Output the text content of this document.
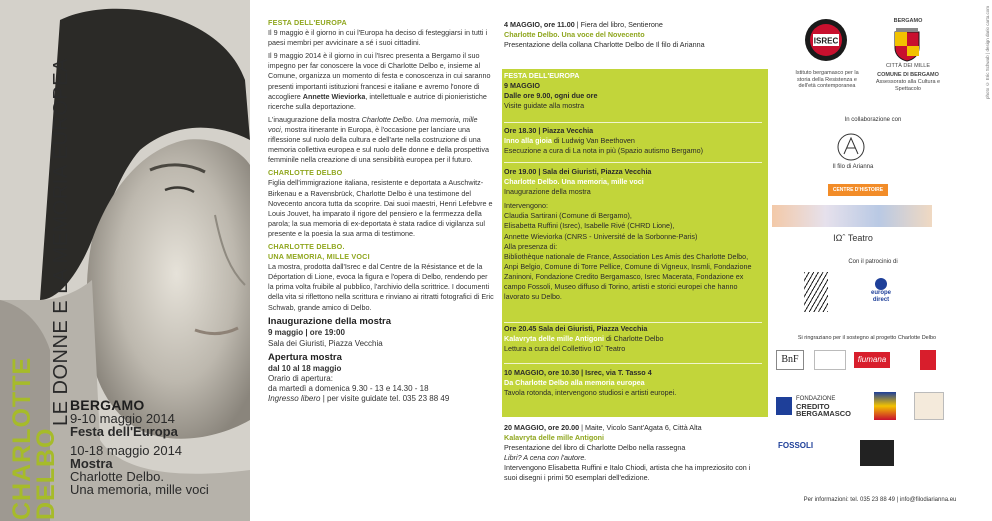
CHARLOTTE
DELBO
LE DONNE E LA MEMORIA EUROPEA
BERGAMO
9-10 maggio 2014
Festa dell'Europa
10-18 maggio 2014
Mostra
Charlotte Delbo.
Una memoria, mille voci
FESTA DELL'EUROPA

Il 9 maggio è il giorno in cui l'Europa ha deciso di festeggiarsi in tutti i paesi membri per avvicinare a sé i suoi cittadini.

Il 9 maggio 2014 è il giorno in cui l'Isrec presenta a Bergamo il suo impegno per far conoscere la voce di Charlotte Delbo e, insieme al Comune, organizza un momento di festa e conoscenza in cui saranno presenti importanti istituzioni francesi e italiane e avremo l'onore di accogliere Annette Wieviorka, intellettuale e autrice di pionieristiche ricerche sulla deportazione.

L'inaugurazione della mostra Charlotte Delbo. Una memoria, mille voci, mostra itinerante in Europa, è l'occasione per lanciare una riflessione sul ruolo della cultura e dell'arte nella costruzione di una memoria collettiva europea e sul ruolo delle donne e della prospettiva femminile nella creazione di una sensibilità europea per il futuro.

CHARLOTTE DELBO

Figlia dell'immigrazione italiana, resistente e deportata a Auschwitz-Birkenau e a Ravensbrück, Charlotte Delbo è una testimone del Novecento ancora tutta da scoprire. Dai suoi maestri, Henri Lefebvre e Louis Jouvet, ha imparato il rigore del pensiero e la ferrmezza della parola; la sua memoria di ex-deportata è stata radice di vigilanza sul presente e la poesia la sua arma di testimone.

CHARLOTTE DELBO.
UNA MEMORIA, MILLE VOCI

La mostra, prodotta dall'Isrec e dal Centre de la Résistance et de la Déportation di Lione, evoca la figura e l'opera di Delbo, rendendo per la prima volta fruibile al pubblico, l'archivio della scrittrice. I documenti della vita si riflettono nella scrittura e rinviano ai ritratti fotografici di Eric Schwab, grande amico di Delbo.

Inaugurazione della mostra
9 maggio | ore 19:00
Sala dei Giuristi, Piazza Vecchia
Apertura mostra
dal 10 al 18 maggio
Orario di apertura:
da martedì a domenica 9.30 - 13 e 14.30 - 18
Ingresso libero | per visite guidate tel. 035 23 88 49
4 MAGGIO, ore 11.00 | Fiera del libro, Sentierone
Charlotte Delbo. Una voce del Novecento
Presentazione della collana Charlotte Delbo de Il filo di Arianna
FESTA DELL'EUROPA
9 MAGGIO
Dalle ore 9.00, ogni due ore
Visite guidate alla mostra
Ore 18.30 | Piazza Vecchia
Inno alla gioia di Ludwig Van Beethoven
Esecuzione a cura di La nota in più (Spazio autismo Bergamo)
Ore 19.00 | Sala dei Giuristi, Piazza Vecchia
Charlotte Delbo. Una memoria, mille voci
Inaugurazione della mostra
Intervengono:
Claudia Sartirani (Comune di Bergamo),
Elisabetta Ruffini (Isrec), Isabelle Rivé (CHRD Lione),
Annette Wieviorka (CNRS - Université de la Sorbonne-Paris)
Alla presenza di:
Bibliothèque nationale de France, Association Les Amis des Charlotte Delbo, Anpi Belgio, Comune di Torre Pellice, Comune di Vigneux, Insmli, Fondazione Zaninoni, Fondazione Credito Bergamasco, Isrec Macerata, Fondazione ex campo Fossoli, Museo diffuso di Torino, artisti e storici europei che hanno lavorato su Delbo.
Ore 20.45 Sala dei Giuristi, Piazza Vecchia
Kalavryta delle mille Antigoni di Charlotte Delbo
Lettura a cura del Collettivo IΩˆ Teatro
10 MAGGIO, ore 10.30 | Isrec, via T. Tasso 4
Da Charlotte Delbo alla memoria europea
Tavola rotonda, intervengono studiosi e artisti europei.
20 MAGGIO, ore 20.00 | Maite, Vicolo Sant'Agata 6, Città Alta
Kalavryta delle mille Antigoni
Presentazione del libro di Charlotte Delbo nella rassegna
Libri? A cena con l'autore.
Intervengono Elisabetta Ruffini e Italo Chiodi, artista che ha impreziosito con i suoi disegni i primi 50 esemplari dell'edizione.
ISREC
Istituto bergamasco per la storia della Resistenza e dell'età contemporanea
BERGAMO
CITTÀ DEI MILLE
COMUNE DI BERGAMO
Assessorato alla Cultura e Spettacolo
In collaborazione con
Il filo di Arianna
CENTRE D'HISTOIRE
IΩˆ Teatro
Con il patrocinio di
europe direct
Si ringraziano per il sostegno al progetto Charlotte Delbo
BnF	fiumana
FONDAZIONE
CREDITO
BERGAMASCO
FOSSOLI
Per informazioni: tel. 035 23 88 49 | info@filodiarianna.eu
photo © Eric Schwab | design dario carta.com
